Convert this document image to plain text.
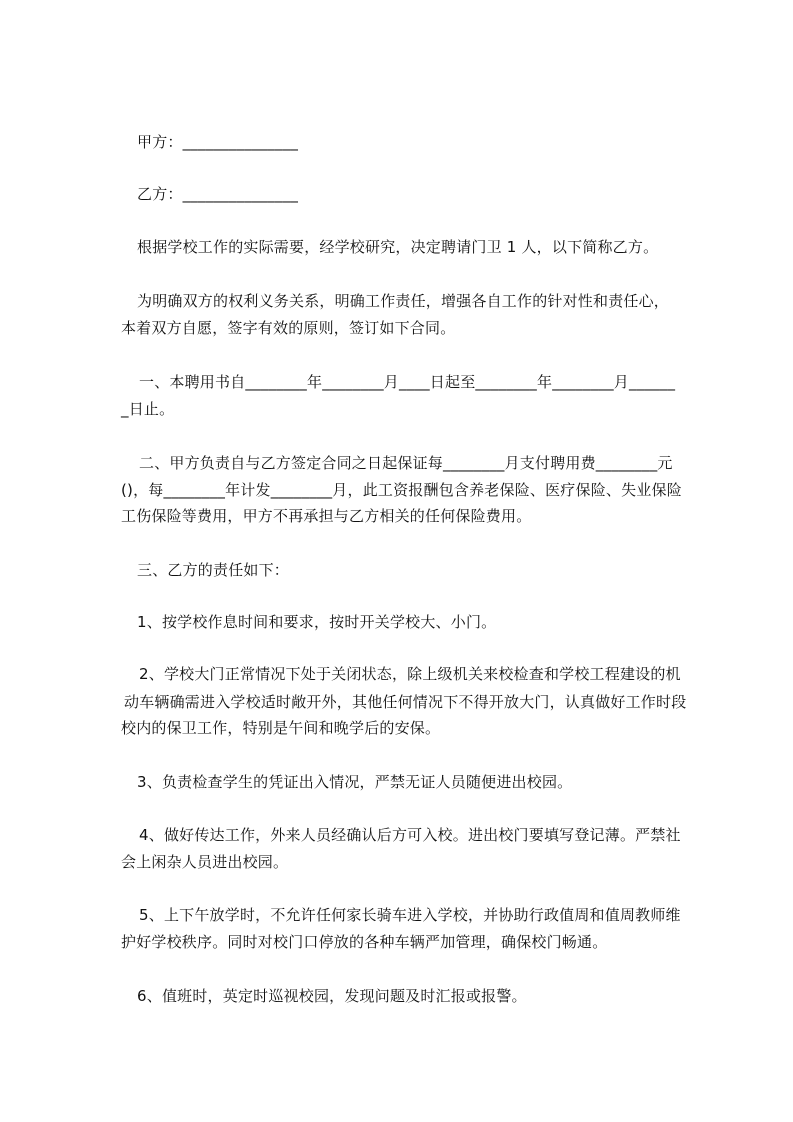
甲方：_______________
乙方：_______________
根据学校工作的实际需要，经学校研究，决定聘请门卫 1 人，以下简称乙方。
为明确双方的权利义务关系，明确工作责任，增强各自工作的针对性和责任心，
本着双方自愿，签字有效的原则，签订如下合同。
一、本聘用书自________年________月____日起至________年________月______
_日止。
二、甲方负责自与乙方签定合同之日起保证每________月支付聘用费________元
()，每________年计发________月，此工资报酬包含养老保险、医疗保险、失业保险
工伤保险等费用，甲方不再承担与乙方相关的任何保险费用。
三、乙方的责任如下：
1、按学校作息时间和要求，按时开关学校大、小门。
2、学校大门正常情况下处于关闭状态，除上级机关来校检查和学校工程建设的机
动车辆确需进入学校适时敞开外，其他任何情况下不得开放大门，认真做好工作时段
校内的保卫工作，特别是午间和晚学后的安保。
3、负责检查学生的凭证出入情况，严禁无证人员随便进出校园。
4、做好传达工作，外来人员经确认后方可入校。进出校门要填写登记薄。严禁社
会上闲杂人员进出校园。
5、上下午放学时，不允许任何家长骑车进入学校，并协助行政值周和值周教师维
护好学校秩序。同时对校门口停放的各种车辆严加管理，确保校门畅通。
6、值班时，英定时巡视校园，发现问题及时汇报或报警。
